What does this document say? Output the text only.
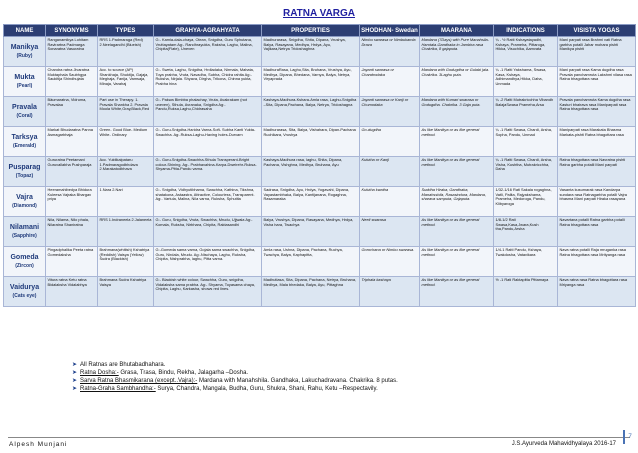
RATNA VARGA
NAME	SYNONYMS	TYPES	GRAHYA-AGRAHYATA	PROPERTIES	SHODHAN- Swedan	MAARANA	INDICATIONS	VISISTA YOGAS
Manikya
(Ruby)	Ranganamikya Lohitam Ravirartna Padmarga Sonaratna Vasuratna	RRS 1.Padmaraga (Red) 2.Neelagandhi (Blueish)	G:- Kamla-dala-chaya, Olean, Snigdha, Guru Sphutana, Vruttayatam Ag:- Randhrayukta, Raksha, Laghu, Malina, Chipita(Flate), Uneven	Madhurarasa, Snigdha, Shita, Dipana, Vrushya, Balya, Rasayana, Medhya, Hrdya, Ayu, Vajikara,Netrya Tridoshaghna	Nimbu swarasa or Nimbukamla Drava	Mardana (7Days) with Pure Manahsila-Harotala-Gandhaka in Jambira rasa Chakrika, 8 gajaputa.	¼ - ½ Ratti Kshayatayadhi, Kshaya, Prameha, Pittaroga, Hikka, Visuchika, Aamvata	Mani parpati rasa Brahmi vati Ratna garbha potalli Jahar mohara pishti Manikya pishti
Mukta
(Pearl)	Chandra ratna Jivaratna Muktaphala Saubhgya Saukitija Shindhujata	Acc. to source (AP) Shankhaja, Shuktija, Gajaja, Meghaja, Fanija, Vamsaja, Minaja, Varahaj	G:- Sweta, Laghu, Snigdha, Hrdladaka, Nirmala, Mahata, Toya prabha, Vruta, Navadha, Subha, Chidra rahita Ag:- Ruksha, Nirjala. Shyava, Dirgha, Trikona, Chinna yukta, Prabha hina	MadhuraRasa, Laghu,Sita, Bruhana, Vrushya, Ayu, Medhya, Dipana, Bhedana, Varnya, Balya, Netrya, Viryaprada	Jayanti swarasa or Chandrodaka	Mardana with Godugdha or Gulabi jala. Chakrika. 3Laghu puta.	¼ -1 Ratti Yakshama, Swasa, Kasa, Kshaya, Adhimandhya,Hikka, Daha, Unmada	Mani parpati rasa Kama dugdha rasa Pravala panchamruta Lakshmi vilasa rasa Ratna bhagottara rasa
Pravala
(Coral)	Bäumaratna, Vidruma, Pravalaa	Part use in Therapy. 1. Pravala Shankha 2. Pravala Moola White,Gray,Black,Red	G:- Pakwa Bimbba phalachay, Vruta, Avakrakam (not uneven), Sthula, Avranaka, Snigdha Ag:-Pandu,Ruksa,Laghu,Chidrasaha	Kashaya-Madhura-Kshara-Amla rasa, Laghu-Snigdha –Sita, Dipana,Pachana, Balya, Netrya, Tridoshagna	Jayanti swarasa or Kanji or Chumodaka	Mardana with Kumari swarasa or Godugdha. Chakrika. 3 Gaja puta.	¼ -2 Ratti Mutrakricchha Vibandh BalajaSwasa Prameha,Arsa	Pravala panchamruta Kama dugdha rasa Kasturi bhairava rasa Maniparpati rasa Ratna bhagottara rasa
Tarksya
(Emerald)	Markat Bhudaratna Panna Asmagarbhaja	Green- Good Blue- Medium White- Ordinary	G:- Guru-Snigdha-Haridra Varna-Soft- Subha Kanti Yukta-Swachha. Ag:-Ruksa-Laghu-Having holes-Durvarn	Madhurarasa, Sita, Balya, Vishahara, Dipan-Pachana Ruchikara, Vrushya	Go-dugdha	As like Manikya or as like general method.	¼ -1 Ratti Swasa, Chardi, Arsha, Sopha, Pandu, Unmad	Maniparpati rasa Marakata Bhasma Markata-pishti Ratna bhagottara rasa
Pusparag
(Topaz)	Gururatna Peetamani Guruvallabha Pushparaja	Acc. Yuktikalpataru 1.Padmaragodbhdava 2.Marakatodbhava	G:- Guru-Snigdha-Swachha-Sthula Transperant-Bright colour-Shining. Ag:- Prabhavahina-Karpa-Dweirehr-Ruksa-Shyama-Pitta-Pandu varna.	Kashaya-Madhura rasa, laghu, Shita, Dipana, Pachana, Vishghna, Medhya, Bruhana, Ayu	Kulutha or Kanji	As like Manikya or as like general method.	¼ -1 Ratti Swasa, Chardi, Arsha, Visha, Kushtha, Mutrakricchha, Daha	Ratna bhagottara rasa Navratna pishti Ratna garbha potalli Mani parpati
Vajra
(Diamond)	Heeramahibedya Bhidura Kuleesa Vajraka Bhargav priya	1.Nara 2.Nari	G:- Snigdha, Vidhyutibhama, Swachha, Kathina, Tikshna, shatakona, Astaastra, Attractive, Colourless, Transparent. Ag:- Vartula, Malina, Nila varna, Ruksha, Sphutita	Sadrasa, Snigdha, Ayu, Hrdya, Yogavahi, Dipana, Vayastambhaka, Balya, Kantijanana, Rogaghna, Rasamaraka	Kulutha kwatha	Suddha Hiraka, Gandhaka, Manahsshila, Rasasindura, Mardana, sharava samputa, Gajaputa.	1/32-1/16 Rati Sakala rogaghna, Vatli, Palita, Rajyakshama, Prameha, Medoroga, Pandu, Klibyaroga	Vasanta kusumarak rasa Kandarpa sundara rasa Ratnagarbha potalli Vajra bhasma Mani parpati Hiraka rasayana
Nilamani
(Sapphire)	Nila, Nilama, Nilo phala, Nilaratna Shaniratna	RRS 1.Indraneela 2.Jalaneela	G:- Guru, Snigdha, Vruta, Swachha, Mrudu, Ujjwala Ag:-Komala, Ruksha, Nirbhara, Chipita, Raktasandhi	Balya, Vrushya, Dipana, Rasayana, Medhya, Hrdya, Visha hara, Twachya	Neeli swarasa	As like Manikya or as like general method.	1/8-1/2 Rati Swasa,Kasa,Jwara,Kush tha,Pandu,Arsha	Navartana potalli Ratna garbha potalli Ratna bhagottara rasa
Gomeda
(Zircon)	Pingadphalika Peeta ratna Gomedaksha	Brahmana(whitish) Kshatriya (Reddish) Vaisya (Yellow) Sudra (Blackish)	G:-Gomeda sama varna, Gojala sama swachha, Snigdha, Guru, Nirdala, Mrudu. Ag:-Nischaya, Laghu, Ruksha, Chipita, Nishprabha, laghu, Pitta varna.	Amla rasa, Ushna, Dipana, Pachana, Ruchya, Twachya, Balya, Kaphapitta,	Gorochana or Nimbu swarasa.	As like Manikya or as like general method.	1/4-1 Ratti Pandu, Kshaya, Twakdosha, Vatavikara	Nava ratna potalli Raja mruganka rasa Ratna bhagottara rasa Mrityanga rasa
Vaidurya
(Cats eye)	Vitura ratna Ketu ratna Bidalaksha Vidalabhya	Brahmana Sudra Kshatriya Vaisya	G:- Blackish white colour, Swachha, Guru, snigdha, Vidalaksha sama prabha. Ag:- Shyama, Toyasama chaya, Chipita, Laghu, Karkasha, shows red lines.	Madhutlasa, Sita, Dipana, Pachana, Netrya, Bruhana, Medhya, Mala bhedaka, Balya, Ayu, Pittaghna	Triphala kashaya	As like Manikya or as like general method.	½ -1 Rati Raktapitta Pittamaya	Nava ratna rasa Ratna bhagottara rasa Mriyanga rasa
➤ All Ratnas are Bhutabadhahara.
➤ Ratna Dosha:- Grasa, Trasa, Bindu, Rekha, Jalagarha –Dosha.
➤ Sarva Ratna Bhasmikarana (except..Vajra):- Mardana with Manahshila. Gandhaka, Lakuchadravana. Chakrika. 8 putas.
➤ Ratna-Graha Sambhandha:- Surya, Chandra, Mangala, Budha, Guru, Shukra, Shani, Rahu, Ketu –Respectavily.
Alpesh Munjani	J.S.Ayurveda Mahavidhyalaya 2016-17
7
